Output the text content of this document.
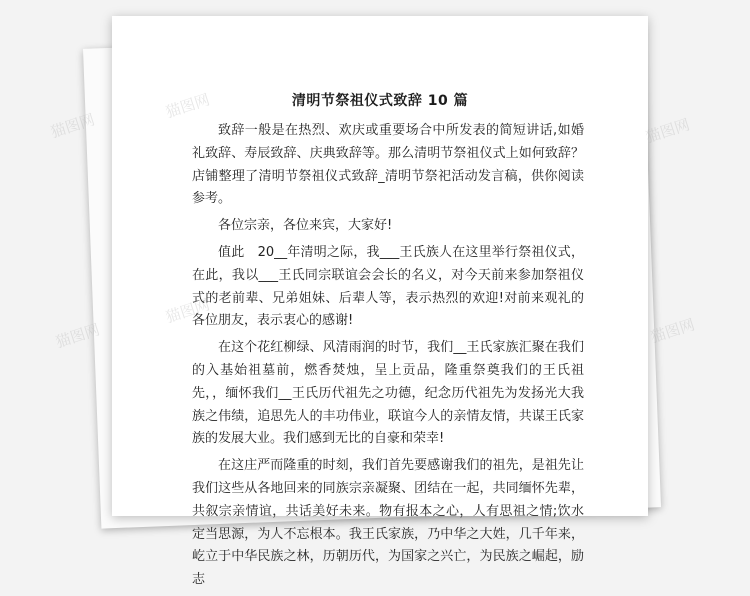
清明节祭祖仪式致辞 10 篇

致辞一般是在热烈、欢庆或重要场合中所发表的简短讲话,如婚礼致辞、寿辰致辞、庆典致辞等。那么清明节祭祖仪式上如何致辞？店铺整理了清明节祭祖仪式致辞_清明节祭祀活动发言稿，供你阅读参考。

各位宗亲，各位来宾，大家好!

值此　20__年清明之际，我___王氏族人在这里举行祭祖仪式，在此，我以___王氏同宗联谊会会长的名义，对今天前来参加祭祖仪式的老前辈、兄弟姐妹、后辈人等，表示热烈的欢迎!对前来观礼的各位朋友，表示衷心的感谢!

在这个花红柳绿、风清雨润的时节，我们__王氏家族汇聚在我们的入基始祖墓前，燃香焚烛，呈上贡品，隆重祭奠我们的王氏祖先，，缅怀我们__王氏历代祖先之功德，纪念历代祖先为发扬光大我族之伟绩，追思先人的丰功伟业，联谊今人的亲情友情，共谋王氏家族的发展大业。我们感到无比的自豪和荣幸!

在这庄严而隆重的时刻，我们首先要感谢我们的祖先，是祖先让我们这些从各地回来的同族宗亲凝聚、团结在一起，共同缅怀先辈，共叙宗亲情谊，共话美好未来。物有报本之心，人有思祖之情;饮水定当思源，为人不忘根本。我王氏家族，乃中华之大姓，几千年来，屹立于中华民族之林，历朝历代，为国家之兴亡，为民族之崛起，励志

猫图网
猫图网
猫图网
猫图网
猫图网
猫图网
